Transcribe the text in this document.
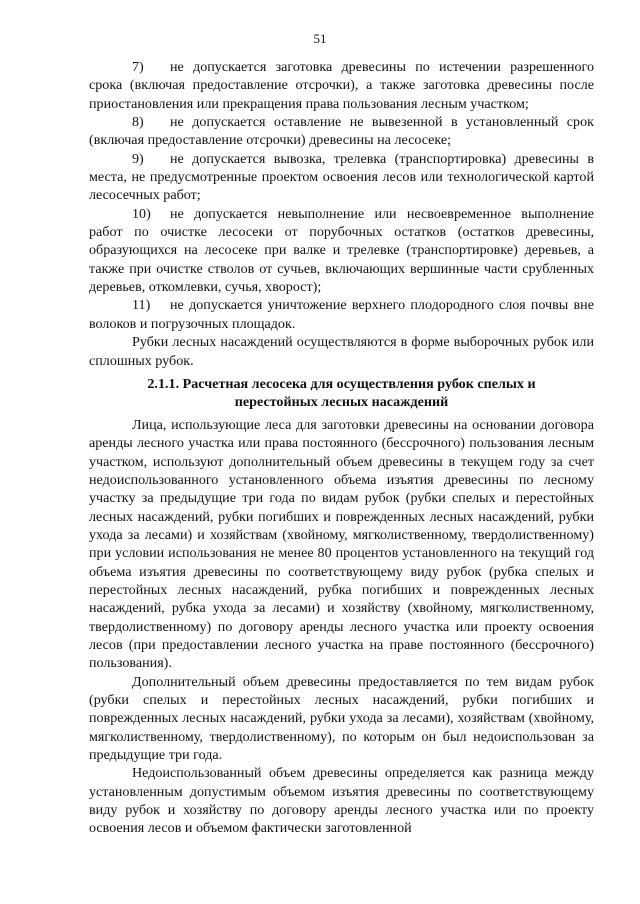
51

7) не допускается заготовка древесины по истечении разрешенного срока (включая предоставление отсрочки), а также заготовка древесины после приостановления или прекращения права пользования лесным участком;

8) не допускается оставление не вывезенной в установленный срок (включая предоставление отсрочки) древесины на лесосеке;

9) не допускается вывозка, трелевка (транспортировка) древесины в места, не предусмотренные проектом освоения лесов или технологической картой лесосечных работ;

10) не допускается невыполнение или несвоевременное выполнение работ по очистке лесосеки от порубочных остатков (остатков древесины, образующихся на лесосеке при валке и трелевке (транспортировке) деревьев, а также при очистке стволов от сучьев, включающих вершинные части срубленных деревьев, откомлевки, сучья, хворост);

11) не допускается уничтожение верхнего плодородного слоя почвы вне волоков и погрузочных площадок.

Рубки лесных насаждений осуществляются в форме выборочных рубок или сплошных рубок.

2.1.1. Расчетная лесосека для осуществления рубок спелых и
перестойных лесных насаждений

Лица, использующие леса для заготовки древесины на основании договора аренды лесного участка или права постоянного (бессрочного) пользования лесным участком, используют дополнительный объем древесины в текущем году за счет недоиспользованного установленного объема изъятия древесины по лесному участку за предыдущие три года по видам рубок (рубки спелых и перестойных лесных насаждений, рубки погибших и поврежденных лесных насаждений, рубки ухода за лесами) и хозяйствам (хвойному, мягколиственному, твердолиственному) при условии использования не менее 80 процентов установленного на текущий год объема изъятия древесины по соответствующему виду рубок (рубка спелых и перестойных лесных насаждений, рубка погибших и поврежденных лесных насаждений, рубка ухода за лесами) и хозяйству (хвойному, мягколиственному, твердолиственному) по договору аренды лесного участка или проекту освоения лесов (при предоставлении лесного участка на праве постоянного (бессрочного) пользования).

Дополнительный объем древесины предоставляется по тем видам рубок (рубки спелых и перестойных лесных насаждений, рубки погибших и поврежденных лесных насаждений, рубки ухода за лесами), хозяйствам (хвойному, мягколиственному, твердолиственному), по которым он был недоиспользован за предыдущие три года.

Недоиспользованный объем древесины определяется как разница между установленным допустимым объемом изъятия древесины по соответствующему виду рубок и хозяйству по договору аренды лесного участка или по проекту освоения лесов и объемом фактически заготовленной
